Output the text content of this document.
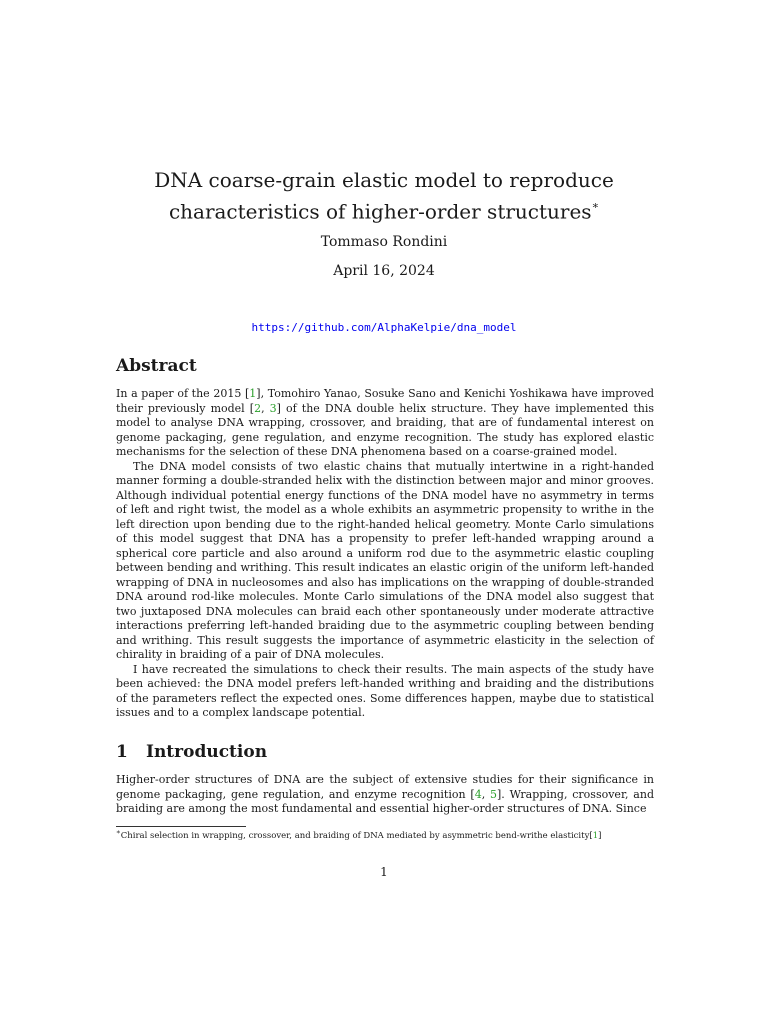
DNA coarse-grain elastic model to reproduce
characteristics of higher-order structures∗
Tommaso Rondini
April 16, 2024
https://github.com/AlphaKelpie/dna_model
Abstract

In a paper of the 2015 [1], Tomohiro Yanao, Sosuke Sano and Kenichi Yoshikawa have improved their previously model [2, 3] of the DNA double helix structure. They have implemented this model to analyse DNA wrapping, crossover, and braiding, that are of fundamental interest on genome packaging, gene regulation, and enzyme recognition. The study has explored elastic mechanisms for the selection of these DNA phenomena based on a coarse-grained model.

The DNA model consists of two elastic chains that mutually intertwine in a right-handed manner forming a double-stranded helix with the distinction between major and minor grooves. Although individual potential energy functions of the DNA model have no asymmetry in terms of left and right twist, the model as a whole exhibits an asymmetric propensity to writhe in the left direction upon bending due to the right-handed helical geometry. Monte Carlo simulations of this model suggest that DNA has a propensity to prefer left-handed wrapping around a spherical core particle and also around a uniform rod due to the asymmetric elastic coupling between bending and writhing. This result indicates an elastic origin of the uniform left-handed wrapping of DNA in nucleosomes and also has implications on the wrapping of double-stranded DNA around rod-like molecules. Monte Carlo simulations of the DNA model also suggest that two juxtaposed DNA molecules can braid each other spontaneously under moderate attractive interactions preferring left-handed braiding due to the asymmetric coupling between bending and writhing. This result suggests the importance of asymmetric elasticity in the selection of chirality in braiding of a pair of DNA molecules.

I have recreated the simulations to check their results. The main aspects of the study have been achieved: the DNA model prefers left-handed writhing and braiding and the distributions of the parameters reflect the expected ones. Some differences happen, maybe due to statistical issues and to a complex landscape potential.

1 Introduction

Higher-order structures of DNA are the subject of extensive studies for their significance in genome packaging, gene regulation, and enzyme recognition [4, 5]. Wrapping, crossover, and braiding are among the most fundamental and essential higher-order structures of DNA. Since

∗Chiral selection in wrapping, crossover, and braiding of DNA mediated by asymmetric bend-writhe elasticity[1]
1
